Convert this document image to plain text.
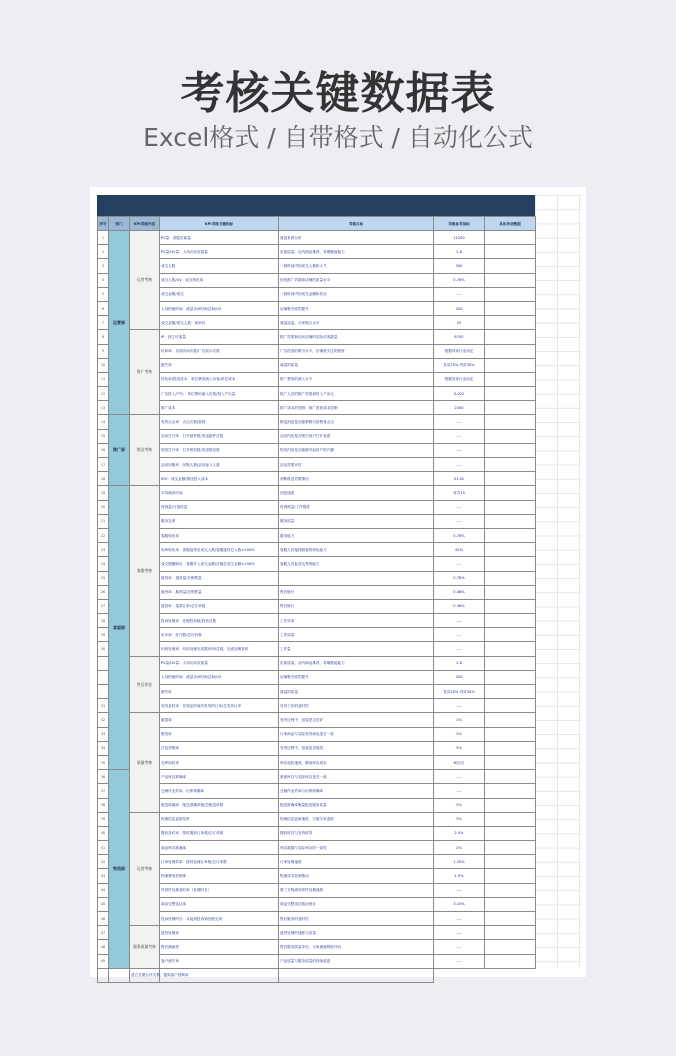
考核关键数据表
Excel格式 / 自带格式 / 自动化公式
序号	部门	KPI考核内容	KPI考核关键指标	考核目标	考核参考指标	具体各项数据
1	运营部	运营考核	PV量：浏览页面量	流量来源分析	11200	
2			PV量/UV量：人均访问页面量	页面质量，店内商品推荐，导购链接能力	2.8	
3			成交人数	一段时间内的成交人数和人气	300	
4			成交人数/UV：成交转化率	转化推广效果和店铺的质量水平	0.78%	
5			成交金额/成交	一段时间内的成交金额和状况	----	
6			人均停留时间：流量访问时间总和/UV	店铺吸引度的提升	420	
7			成交金额/成交人数：客单价	流量质量，买家购买水平	25	
8		推广考核	IP：独立访客量	推广效果和访问店铺的实际访客数量	8700	
9			访问率：页面访问次数/广告展示次数	广告投放的吸引水平，店铺被关注的程度	根据具体行业而定	
10			跳失率	流量的质量	首页20% 内页30%	
11			转化率/投放成本：单位费用流入访客/单位成本	推广费用的流入水平	根据具体行业而定	
12			广告投入/产出：单位费用流入访客/投入产出量	推广人员的推广效果和投入产出比	0.002	
13			推广成本	推广成本的控制：推广投放成本控制	2000	
14	推广部	推送考核	有效点击率：点击次数/展现	推送消息是否能够吸引消费者点击	----	
15			活动打开率：打开邮件数/发送邮件总数	活动内容是否吸引用户打开查看	----	
16			短信打开率：打开短信数/发送短信数	短信内容是否能够引起用户的兴趣	----	
17			活动回购率：回购人数/活动参与人数	活动效果评估	----	
18			ROI：成交金额/推送投入成本	判断推送效果情况	01:02	
19	客服部	客服考核	平均响应时间	回复速度	首次15	
20			咨询量/日接待量	咨询流量/工作强度	----	
21			服务态度	服务质量	----	
22			客服转化率	服务能力	0.78%	
23			询单转化率：客服接待后成交人数/客服接待总人数×100%	客服人员接待顾客的转化能力	42%	
24			成交提醒响应：客服介入成交金额/店铺总成交金额×100%	客服人员促成交易的能力	----	
25			退货率：退货量/总销售量		0.78%	
26			换货率：换货量/总销售量	售后统计	0.48%	
27			退款率：退款订单/总订单数	售后统计	0.38%	
28			投诉处理率：处理投诉数/投诉总数	工作效率	----	
29			好评率：好评数/总评价数	工作质量	----	
30			纠纷处理率：纠纷处理完成数/纠纷总数，完成处理及时	工作量	----	
		售后评估	PV量/UV量：人均访问页面量	页面质量，店内商品推荐，导购链接能力	2.8	
			人均停留时间：流量访问时间总和/UV	店铺吸引度的提升	420	
			跳失率	流量的质量	首页20% 内页30%	
31			发货及时率：在规定时间内发货的订单/总发货订单	发货工作的及时性	----	
32		质量考核	破损率	发货过程中，包装是否完好	1%	
33			错发率	订单商品与实际发货商品是否一致	2%	
34			打包差错率	发货过程中，包装是否规范	5%	
35			仓库周转率	库存周转速度，降低库存成本	8次/月	
36	物流部		产品库存准确率	系统库存与实际库存是否一致	----	
37			仓储作业效率，出库准确率	仓储作业效率与出库准确率	----	
38			配送准确率：配送准确单数/总配送单数	配送准确率衡量配送服务质量	2%	
39		运营考核	物流信息更新及时	物流信息更新速度，方便买家追踪	2%	
40			揽收及时率：按时揽收订单数/总订单数	揽收时效与发货时效	2.5%	
41			商品库存准确率	库存数据与实际库存的一致性	2%	
42			订单处理效率：按时处理订单数/总订单数	订单处理速度	1.20%	
43			物流费用控制率	物流成本控制情况	1.5%	
44			异常件处理及时率（处理时长）	第三方物流异常件处理速度	----	
45			商品完整送达率	商品完整送达情况统计	3.10%	
46			投诉处理时长：从接到投诉到处理完成	售后服务的及时性	----	
47		服务质量考核	退货处理率	退货处理的速度与质量	----	
48			售后满意度	售后服务质量评估，买家满意程度评价	----	
49			客户流失率	产品质量与服务质量的持续改进	----	
		建立长期合作关系，提高客户回购率				
